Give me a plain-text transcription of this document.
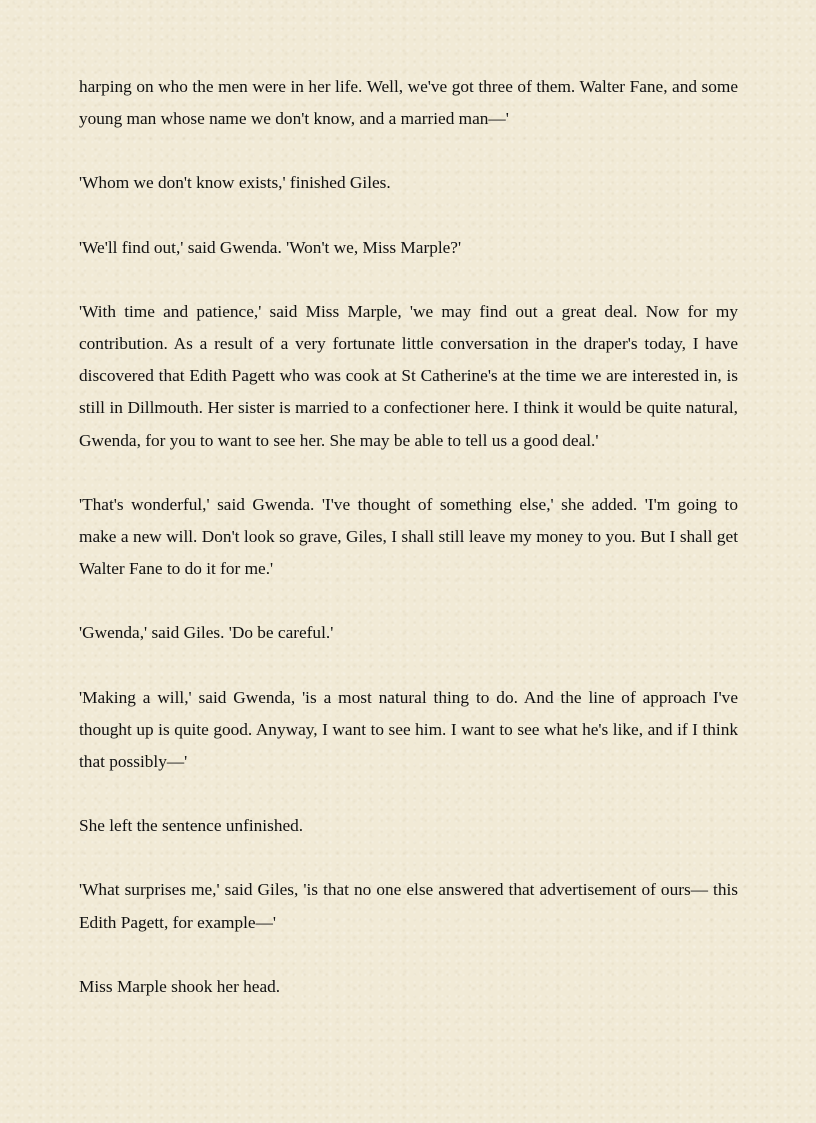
harping on who the men were in her life. Well, we've got three of them. Walter Fane, and some young man whose name we don't know, and a married man—'

'Whom we don't know exists,' finished Giles.

'We'll find out,' said Gwenda. 'Won't we, Miss Marple?'

'With time and patience,' said Miss Marple, 'we may find out a great deal. Now for my contribution. As a result of a very fortunate little conversation in the draper's today, I have discovered that Edith Pagett who was cook at St Catherine's at the time we are interested in, is still in Dillmouth. Her sister is married to a confectioner here. I think it would be quite natural, Gwenda, for you to want to see her. She may be able to tell us a good deal.'

'That's wonderful,' said Gwenda. 'I've thought of something else,' she added. 'I'm going to make a new will. Don't look so grave, Giles, I shall still leave my money to you. But I shall get Walter Fane to do it for me.'

'Gwenda,' said Giles. 'Do be careful.'

'Making a will,' said Gwenda, 'is a most natural thing to do. And the line of approach I've thought up is quite good. Anyway, I want to see him. I want to see what he's like, and if I think that possibly—'

She left the sentence unfinished.

'What surprises me,' said Giles, 'is that no one else answered that advertisement of ours— this Edith Pagett, for example—'

Miss Marple shook her head.
